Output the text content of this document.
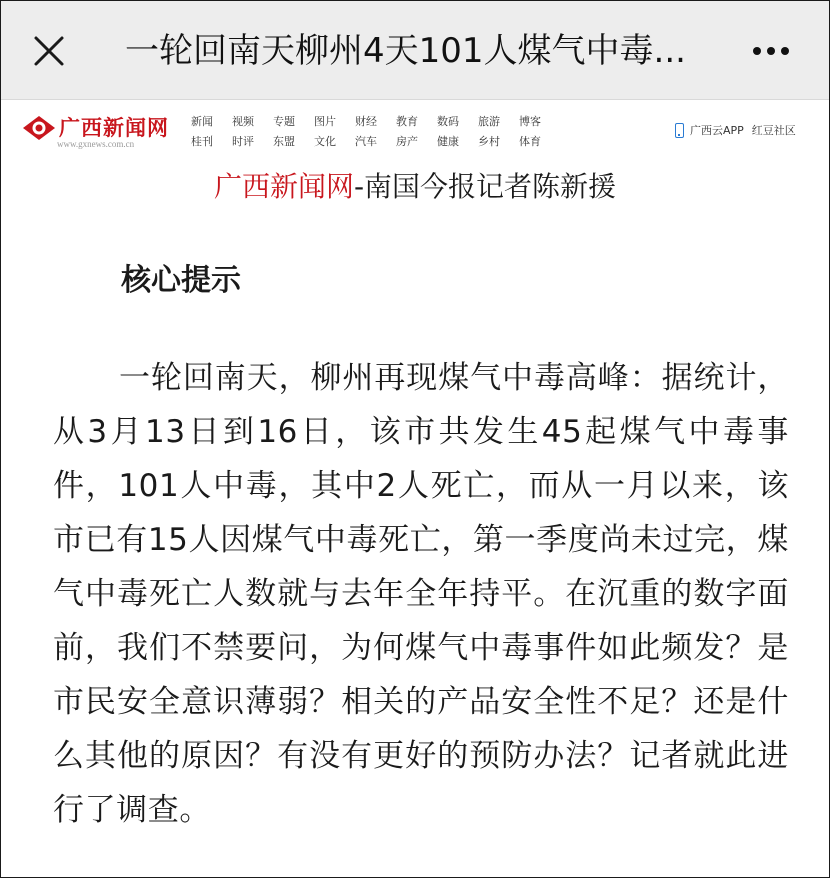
一轮回南天柳州4天101人煤气中毒...
广西新闻网
www.gxnews.com.cn
新闻	视频	专题	图片	财经	教育	数码	旅游	博客
桂刊	时评	东盟	文化	汽车	房产	健康	乡村	体育
广西云APP 红豆社区
广西新闻网-南国今报记者陈新援
核心提示
一轮回南天，柳州再现煤气中毒高峰：据统计，从3月13日到16日，该市共发生45起煤气中毒事件，101人中毒，其中2人死亡，而从一月以来，该市已有15人因煤气中毒死亡，第一季度尚未过完，煤气中毒死亡人数就与去年全年持平。在沉重的数字面前，我们不禁要问，为何煤气中毒事件如此频发？是市民安全意识薄弱？相关的产品安全性不足？还是什么其他的原因？有没有更好的预防办法？记者就此进行了调查。
